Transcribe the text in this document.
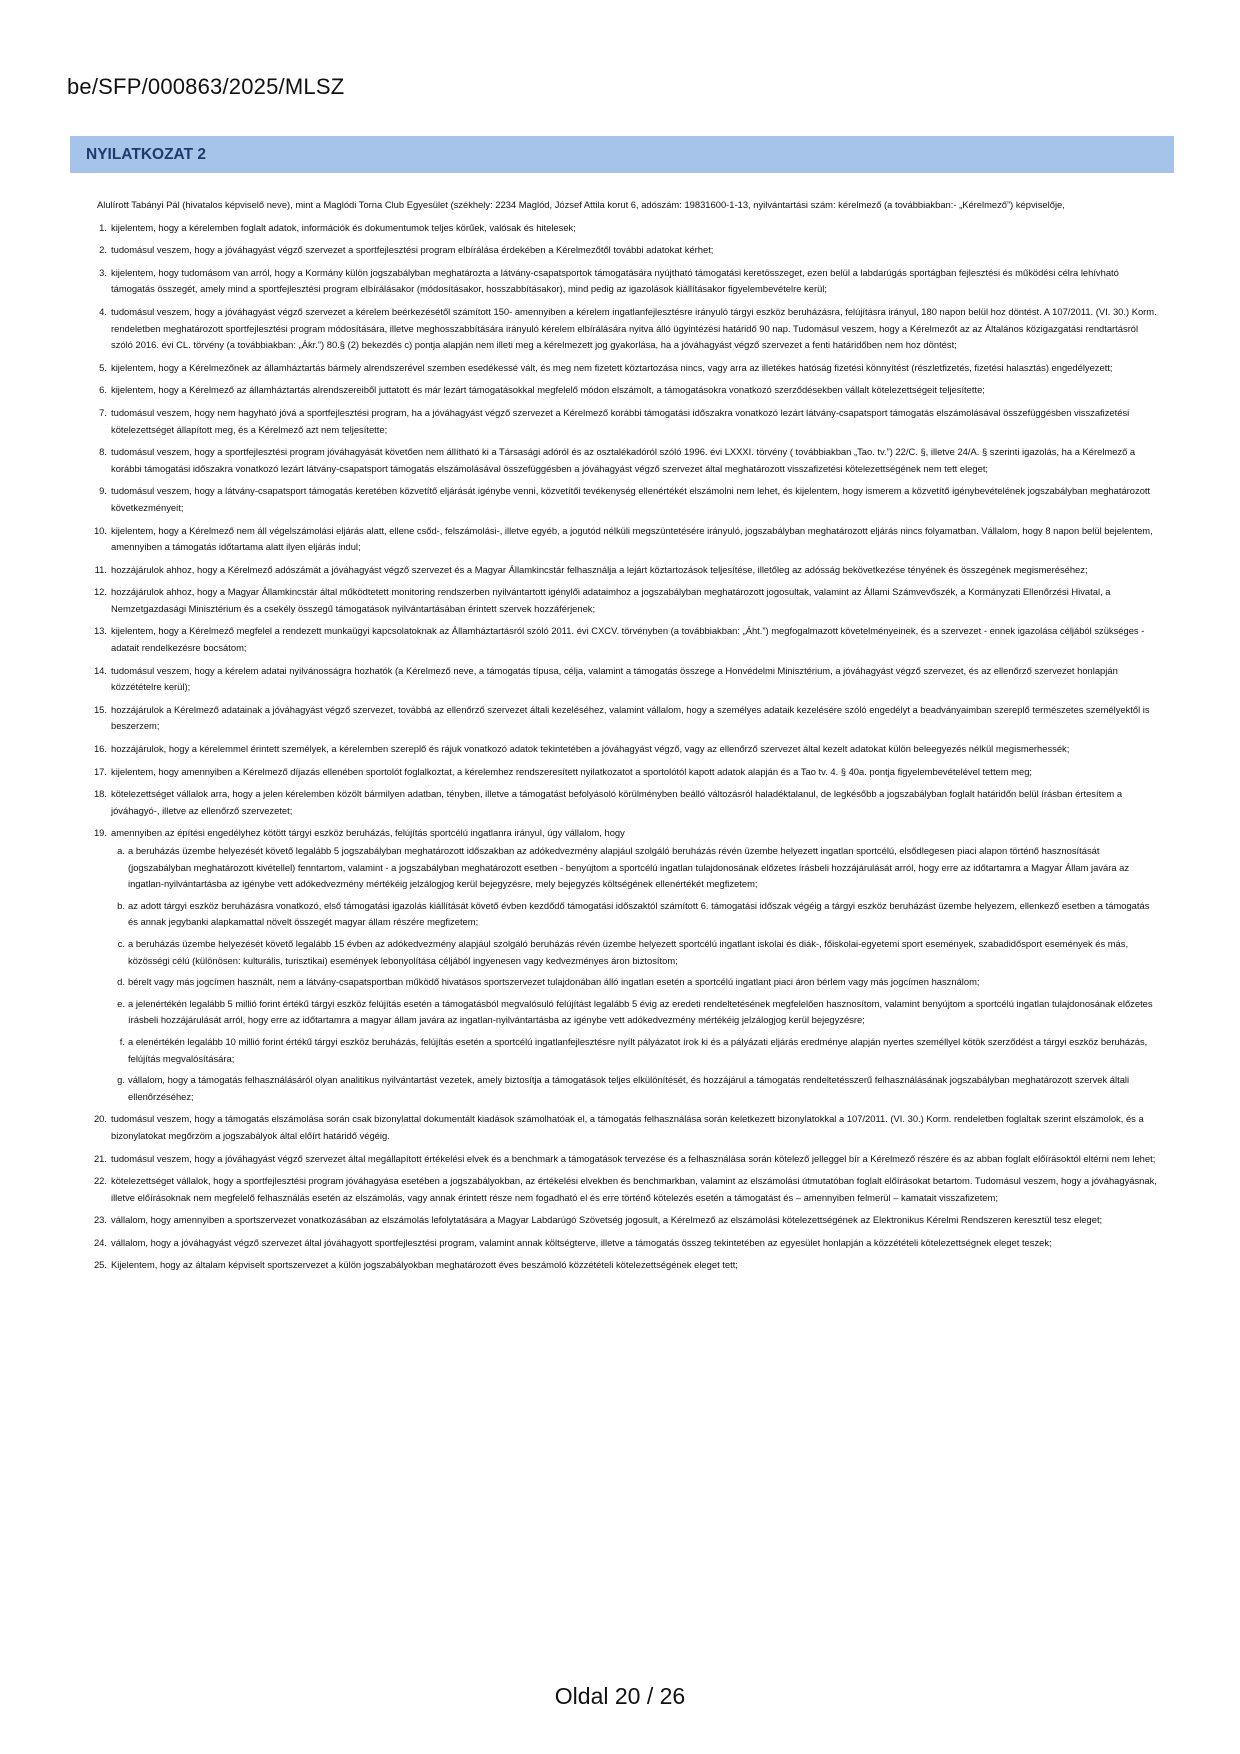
be/SFP/000863/2025/MLSZ
NYILATKOZAT 2

Alulírott Tabányi Pál (hivatalos képviselő neve), mint a Maglódi Torna Club Egyesület (székhely: 2234 Maglód, József Attila korut 6, adószám: 19831600-1-13, nyilvántartási szám: kérelmező (a továbbiakban:- „Kérelmező”) képviselője,

1. kijelentem, hogy a kérelemben foglalt adatok, információk és dokumentumok teljes körűek, valósak és hitelesek;
2. tudomásul veszem, hogy a jóváhagyást végző szervezet a sportfejlesztési program elbírálása érdekében a Kérelmezőtől további adatokat kérhet;
3. kijelentem, hogy tudomásom van arról, hogy a Kormány külön jogszabályban meghatározta a látvány-csapatsportok támogatására nyújtható támogatási keretösszeget, ezen belül a labdarúgás sportágban fejlesztési és működési célra lehívható támogatás összegét, amely mind a sportfejlesztési program elbírálásakor (módosításakor, hosszabbításakor), mind pedig az igazolások kiállításakor figyelembevételre kerül;
4. tudomásul veszem, hogy a jóváhagyást végző szervezet a kérelem beérkezésétől számított 150- amennyiben a kérelem ingatlanfejlesztésre irányuló tárgyi eszköz beruházásra, felújításra irányul, 180 napon belül hoz döntést. A 107/2011. (VI. 30.) Korm. rendeletben meghatározott sportfejlesztési program módosítására, illetve meghosszabbítására irányuló kérelem elbírálására nyitva álló ügyintézési határidő 90 nap. Tudomásul veszem, hogy a Kérelmezőt az az Általános közigazgatási rendtartásról szóló 2016. évi CL. törvény (a továbbiakban: „Ákr.”) 80.§ (2) bekezdés c) pontja alapján nem illeti meg a kérelmezett jog gyakorlása, ha a jóváhagyást végző szervezet a fenti határidőben nem hoz döntést;
5. kijelentem, hogy a Kérelmezőnek az államháztartás bármely alrendszerével szemben esedékessé vált, és meg nem fizetett köztartozása nincs, vagy arra az illetékes hatóság fizetési könnyítést (részletfizetés, fizetési halasztás) engedélyezett;
6. kijelentem, hogy a Kérelmező az államháztartás alrendszereiből juttatott és már lezárt támogatásokkal megfelelő módon elszámolt, a támogatásokra vonatkozó szerződésekben vállalt kötelezettségeit teljesítette;
7. tudomásul veszem, hogy nem hagyható jóvá a sportfejlesztési program, ha a jóváhagyást végző szervezet a Kérelmező korábbi támogatási időszakra vonatkozó lezárt látvány-csapatsport támogatás elszámolásával összefüggésben visszafizetési kötelezettséget állapított meg, és a Kérelmező azt nem teljesítette;
8. tudomásul veszem, hogy a sportfejlesztési program jóváhagyását követően nem állítható ki a Társasági adóról és az osztalékadóról szóló 1996. évi LXXXI. törvény ( továbbiakban „Tao. tv.”) 22/C. §, illetve 24/A. § szerinti igazolás, ha a Kérelmező a korábbi támogatási időszakra vonatkozó lezárt látvány-csapatsport támogatás elszámolásával összefüggésben a jóváhagyást végző szervezet által meghatározott visszafizetési kötelezettségének nem tett eleget;
9. tudomásul veszem, hogy a látvány-csapatsport támogatás keretében közvetítő eljárását igénybe venni, közvetítői tevékenység ellenértékét elszámolni nem lehet, és kijelentem, hogy ismerem a közvetítő igénybevételének jogszabályban meghatározott következményeit;
10. kijelentem, hogy a Kérelmező nem áll végelszámolási eljárás alatt, ellene csőd-, felszámolási-, illetve egyéb, a jogutód nélküli megszüntetésére irányuló, jogszabályban meghatározott eljárás nincs folyamatban. Vállalom, hogy 8 napon belül bejelentem, amennyiben a támogatás időtartama alatt ilyen eljárás indul;
11. hozzájárulok ahhoz, hogy a Kérelmező adószámát a jóváhagyást végző szervezet és a Magyar Államkincstár felhasználja a lejárt köztartozások teljesítése, illetőleg az adósság bekövetkezése tényének és összegének megismeréséhez;
12. hozzájárulok ahhoz, hogy a Magyar Államkincstár által működtetett monitoring rendszerben nyilvántartott igénylői adataimhoz a jogszabályban meghatározott jogosultak, valamint az Állami Számvevőszék, a Kormányzati Ellenőrzési Hivatal, a Nemzetgazdasági Minisztérium és a csekély összegű támogatások nyilvántartásában érintett szervek hozzáférjenek;
13. kijelentem, hogy a Kérelmező megfelel a rendezett munkaügyi kapcsolatoknak az Államháztartásról szóló 2011. évi CXCV. törvényben (a továbbiakban: „Áht.”) megfogalmazott követelményeinek, és a szervezet - ennek igazolása céljából szükséges - adatait rendelkezésre bocsátom;
14. tudomásul veszem, hogy a kérelem adatai nyilvánosságra hozhatók (a Kérelmező neve, a támogatás típusa, célja, valamint a támogatás összege a Honvédelmi Minisztérium, a jóváhagyást végző szervezet, és az ellenőrző szervezet honlapján közzétételre kerül);
15. hozzájárulok a Kérelmező adatainak a jóváhagyást végző szervezet, továbbá az ellenőrző szervezet általi kezeléséhez, valamint vállalom, hogy a személyes adataik kezelésére szóló engedélyt a beadványaimban szereplő természetes személyektől is beszerzem;
16. hozzájárulok, hogy a kérelemmel érintett személyek, a kérelemben szereplő és rájuk vonatkozó adatok tekintetében a jóváhagyást végző, vagy az ellenőrző szervezet által kezelt adatokat külön beleegyezés nélkül megismerhessék;
17. kijelentem, hogy amennyiben a Kérelmező díjazás ellenében sportolót foglalkoztat, a kérelemhez rendszeresített nyilatkozatot a sportolótól kapott adatok alapján és a Tao tv. 4. § 40a. pontja figyelembevételével tettem meg;
18. kötelezettséget vállalok arra, hogy a jelen kérelemben közölt bármilyen adatban, tényben, illetve a támogatást befolyásoló körülményben beálló változásról haladéktalanul, de legkésőbb a jogszabályban foglalt határidőn belül írásban értesítem a jóváhagyó-, illetve az ellenőrző szervezetet;
19. amennyiben az építési engedélyhez kötött tárgyi eszköz beruházás, felújítás sportcélú ingatlanra irányul, úgy vállalom, hogy
a. a beruházás üzembe helyezését követő legalább 5 jogszabályban meghatározott időszakban az adókedvezmény alapjául szolgáló beruházás révén üzembe helyezett ingatlan sportcélú, elsődlegesen piaci alapon történő hasznosítását (jogszabályban meghatározott kivétellel) fenntartom, valamint - a jogszabályban meghatározott esetben - benyújtom a sportcélú ingatlan tulajdonosának előzetes írásbeli hozzájárulását arról, hogy erre az időtartamra a Magyar Állam javára az ingatlan-nyilvántartásba az igénybe vett adókedvezmény mértékéig jelzálogjog kerül bejegyzésre, mely bejegyzés költségének ellenértékét megfizetem;
b. az adott tárgyi eszköz beruházásra vonatkozó, első támogatási igazolás kiállítását követő évben kezdődő támogatási időszaktól számított 6. támogatási időszak végéig a tárgyi eszköz beruházást üzembe helyezem, ellenkező esetben a támogatás és annak jegybanki alapkamattal növelt összegét magyar állam részére megfizetem;
c. a beruházás üzembe helyezését követő legalább 15 évben az adókedvezmény alapjául szolgáló beruházás révén üzembe helyezett sportcélú ingatlant iskolai és diák-, főiskolai-egyetemi sport események, szabadidősport események és más, közösségi célú (különösen: kulturális, turisztikai) események lebonyolítása céljából ingyenesen vagy kedvezményes áron biztosítom;
d. bérelt vagy más jogcímen használt, nem a látvány-csapatsportban működő hivatásos sportszervezet tulajdonában álló ingatlan esetén a sportcélú ingatlant piaci áron bérlem vagy más jogcímen használom;
e. a jelenértékén legalább 5 millió forint értékű tárgyi eszköz felújítás esetén a támogatásból megvalósuló felújítást legalább 5 évig az eredeti rendeltetésének megfelelően hasznosítom, valamint benyújtom a sportcélú ingatlan tulajdonosának előzetes írásbeli hozzájárulását arról, hogy erre az időtartamra a magyar állam javára az ingatlan-nyilvántartásba az igénybe vett adókedvezmény mértékéig jelzálogjog kerül bejegyzésre;
f. a elenértékén legalább 10 millió forint értékű tárgyi eszköz beruházás, felújítás esetén a sportcélú ingatlanfejlesztésre nyílt pályázatot írok ki és a pályázati eljárás eredménye alapján nyertes személlyel kötök szerződést a tárgyi eszköz beruházás, felújítás megvalósítására;
g. vállalom, hogy a támogatás felhasználásáról olyan analitikus nyilvántartást vezetek, amely biztosítja a támogatások teljes elkülönítését, és hozzájárul a támogatás rendeltetésszerű felhasználásának jogszabályban meghatározott szervek általi ellenőrzéséhez;
20. tudomásul veszem, hogy a támogatás elszámolása során csak bizonylattal dokumentált kiadások számolhatóak el, a támogatás felhasználása során keletkezett bizonylatokkal a 107/2011. (VI. 30.) Korm. rendeletben foglaltak szerint elszámolok, és a bizonylatokat megőrzöm a jogszabályok által előírt határidő végéig.
21. tudomásul veszem, hogy a jóváhagyást végző szervezet által megállapított értékelési elvek és a benchmark a támogatások tervezése és a felhasználása során kötelező jelleggel bír a Kérelmező részére és az abban foglalt előírásoktól eltérni nem lehet;
22. kötelezettséget vállalok, hogy a sportfejlesztési program jóváhagyása esetében a jogszabályokban, az értékelési elvekben és benchmarkban, valamint az elszámolási útmutatóban foglalt előírásokat betartom. Tudomásul veszem, hogy a jóváhagyásnak, illetve előírásoknak nem megfelelő felhasználás esetén az elszámolás, vagy annak érintett része nem fogadható el és erre történő kötelezés esetén a támogatást és – amennyiben felmerül – kamatait visszafizetem;
23. vállalom, hogy amennyiben a sportszervezet vonatkozásában az elszámolás lefolytatására a Magyar Labdarúgó Szövetség jogosult, a Kérelmező az elszámolási kötelezettségének az Elektronikus Kérelmi Rendszeren keresztül tesz eleget;
24. vállalom, hogy a jóváhagyást végző szervezet által jóváhagyott sportfejlesztési program, valamint annak költségterve, illetve a támogatás összeg tekintetében az egyesület honlapján a közzétételi kötelezettségnek eleget teszek;
25. Kijelentem, hogy az általam képviselt sportszervezet a külön jogszabályokban meghatározott éves beszámoló közzétételi kötelezettségének eleget tett;
Oldal 20 / 26
